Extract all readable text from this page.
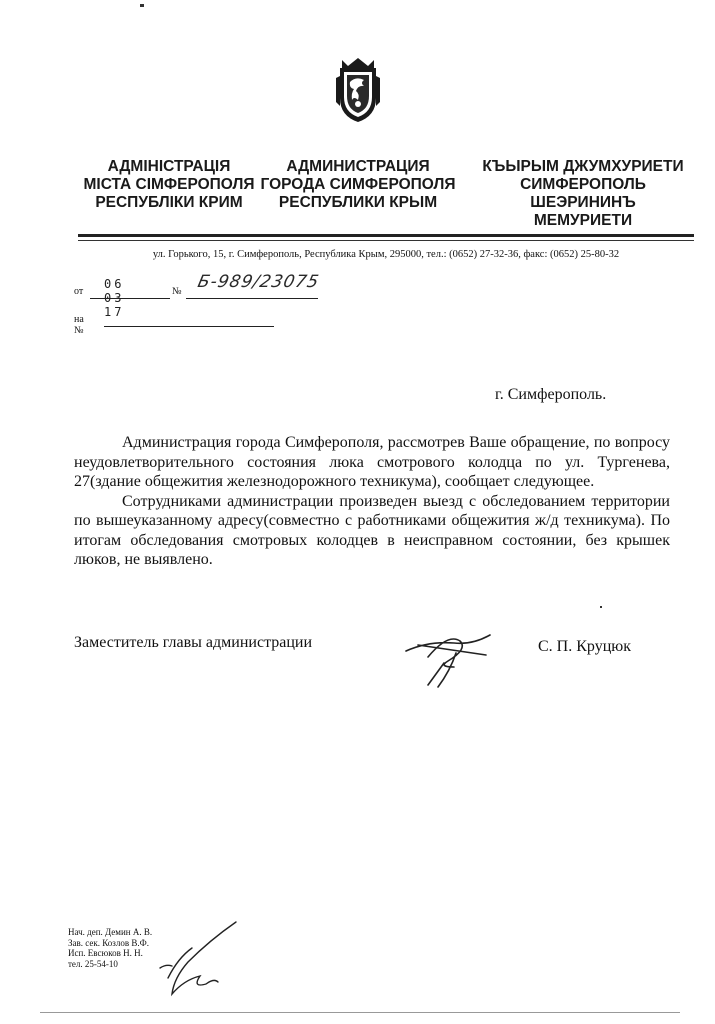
АДМІНІСТРАЦІЯ
МІСТА СІМФЕРОПОЛЯ
РЕСПУБЛІКИ КРИМ
АДМИНИСТРАЦИЯ
ГОРОДА СИМФЕРОПОЛЯ
РЕСПУБЛИКИ КРЫМ
КЪЫРЫМ ДЖУМХУРИЕТИ
СИМФЕРОПОЛЬ
ШЕЭРИНИНЪ
МЕМУРИЕТИ
ул. Горького, 15, г. Симферополь, Республика Крым, 295000, тел.: (0652) 27-32-36, факс: (0652) 25-80-32
от
06 03 17
№ Б-989/23075
на №
г. Симферополь.

Администрация города Симферополя, рассмотрев Ваше обращение, по вопросу неудовлетворительного состояния люка смотрового колодца по ул. Тургенева, 27(здание общежития железнодорожного техникума), сообщает следующее.

Сотрудниками администрации произведен выезд с обследованием территории по вышеуказанному адресу(совместно с работниками общежития ж/д техникума). По итогам обследования смотровых колодцев в неисправном состоянии, без крышек люков, не выявлено.

Заместитель главы администрации	С. П. Круцюк
Нач. деп. Демин А. В.
Зав. сек. Козлов В.Ф.
Исп. Евсюков Н. Н.
тел. 25-54-10
